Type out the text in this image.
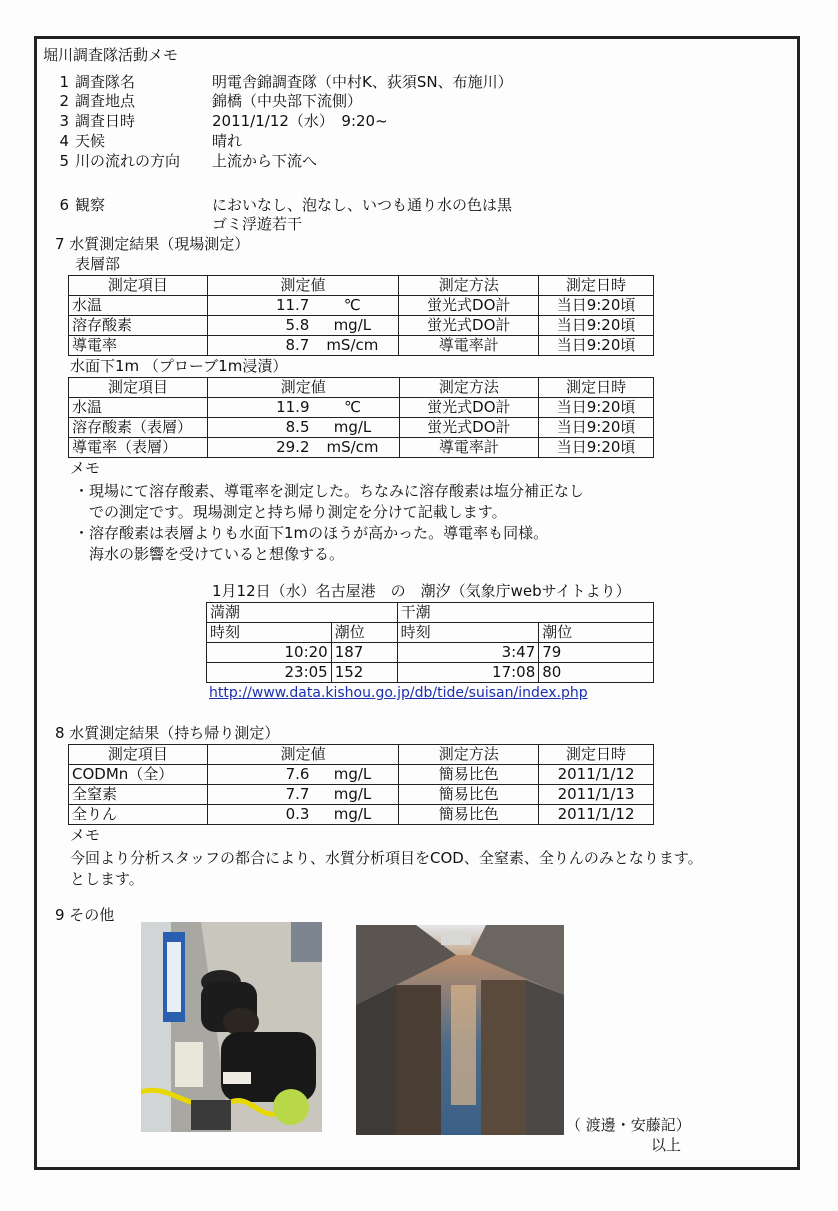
堀川調査隊活動メモ
1 調査隊名	明電舎錦調査隊（中村K、荻須SN、布施川）
2 調査地点	錦橋（中央部下流側）
3 調査日時	2011/1/12（水）　9:20~
4 天候	晴れ
5 川の流れの方向 上流から下流へ
6 観察	においなし、泡なし、いつも通り水の色は黒
ゴミ浮遊若干
7 水質測定結果（現場測定）
表層部
測定項目	測定値	測定方法	測定日時
水温	11.7 ℃	蛍光式DO計	当日9:20頃
溶存酸素	5.8 mg/L	蛍光式DO計	当日9:20頃
導電率	8.7 mS/cm	導電率計	当日9:20頃
水面下1m （プローブ1m浸漬）
測定項目	測定値	測定方法	測定日時
水温	11.9 ℃	蛍光式DO計	当日9:20頃
溶存酸素（表層）	8.5 mg/L	蛍光式DO計	当日9:20頃
導電率（表層）	29.2 mS/cm	導電率計	当日9:20頃
メモ
・現場にて溶存酸素、導電率を測定した。ちなみに溶存酸素は塩分補正なし
　での測定です。現場測定と持ち帰り測定を分けて記載します。
・溶存酸素は表層よりも水面下1mのほうが高かった。導電率も同様。
　海水の影響を受けていると想像する。
1月12日（水）名古屋港　の　潮汐（気象庁webサイトより）
満潮		干潮	
時刻	潮位	時刻	潮位
10:20	187	3:47	79
23:05	152	17:08	80
http://www.data.kishou.go.jp/db/tide/suisan/index.php
8 水質測定結果（持ち帰り測定）
測定項目	測定値	測定方法	測定日時
CODMn（全）	7.6 mg/L	簡易比色	2011/1/12
全窒素	7.7 mg/L	簡易比色	2011/1/13
全りん	0.3 mg/L	簡易比色	2011/1/12
メモ
今回より分析スタッフの都合により、水質分析項目をCOD、全窒素、全りんのみとなります。
とします。
9 その他
（ 渡邊・安藤記）
以上
